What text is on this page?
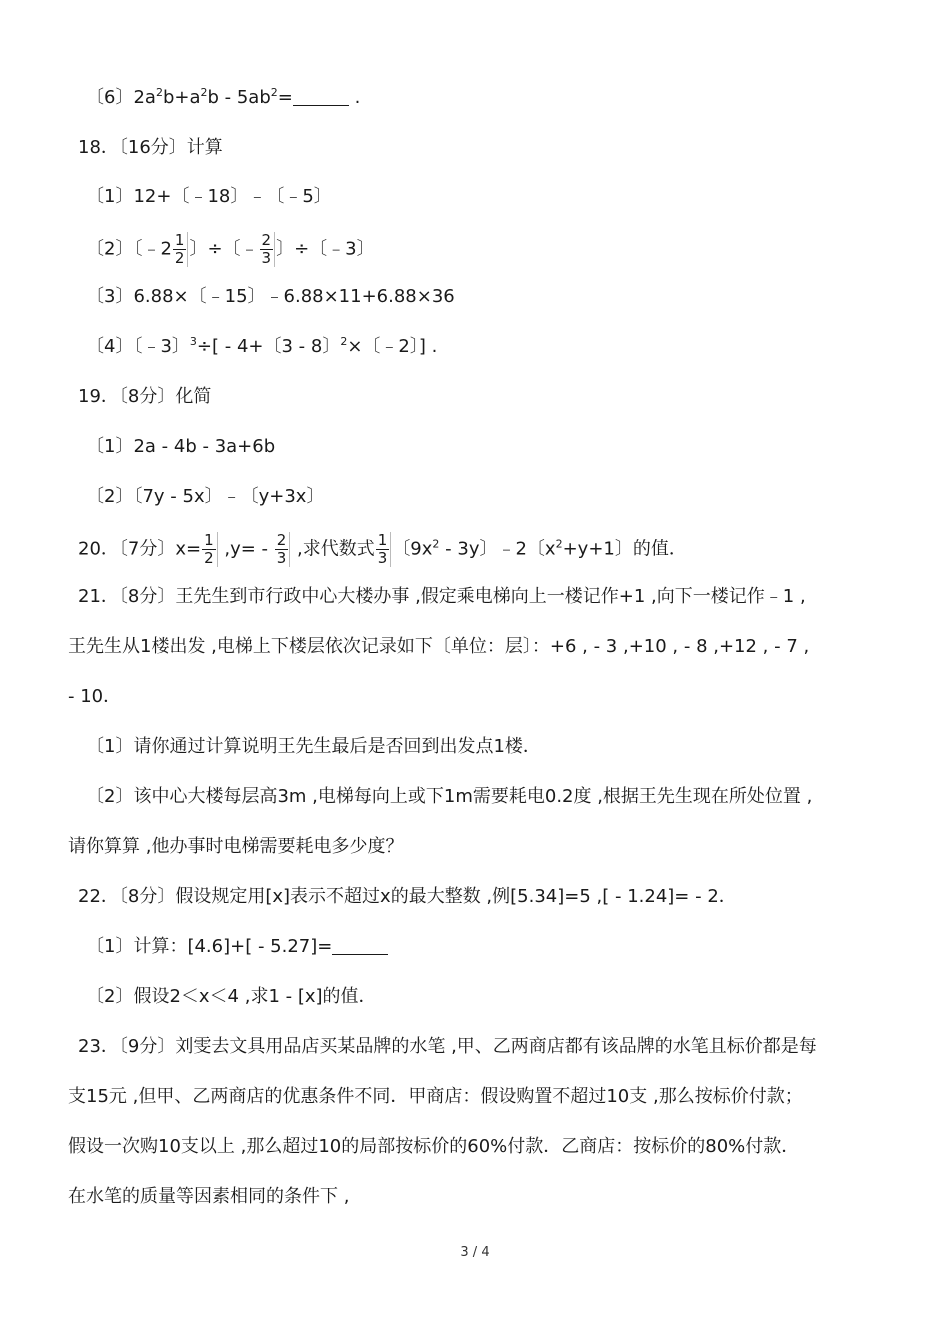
〔6〕$2a^2b+a^2b - 5ab^2=$	.
18．〔16分〕计算
〔1〕12+〔﹣18〕﹣〔﹣5〕
〔2〕〔﹣2 $\frac{1}{2}$ 〕÷〔﹣ $\frac{2}{3}$ 〕÷〔﹣3〕
〔3〕6.88×〔﹣15〕﹣6.88×11+6.88×36
〔4〕〔﹣3〕$^3$÷[ - 4+〔3 - 8〕$^2$×〔﹣2〕] .
19．〔8分〕化简
〔1〕2a - 4b - 3a+6b
〔2〕〔7y - 5x〕﹣〔y+3x〕
20．〔7分〕$x= \frac{1}{2} ,y= - \frac{2}{3}$ ,求代数式 $\frac{1}{3}$ 〔$9x^2 - 3y$〕﹣2〔$x^2+y+1$〕的值．
21．〔8分〕王先生到市行政中心大楼办事 ,假定乘电梯向上一楼记作+1 ,向下一楼记作﹣1 ,
王先生从1楼出发 ,电梯上下楼层依次记录如下〔单位：层〕：+6 , - 3 ,+10 , - 8 ,+12 , - 7 ,
- 10．
〔1〕请你通过计算说明王先生最后是否回到出发点1楼．
〔2〕该中心大楼每层高3m ,电梯每向上或下1m需要耗电0.2度 ,根据王先生现在所处位置 ,
请你算算 ,他办事时电梯需要耗电多少度？
22．〔8分〕假设规定用[x]表示不超过x的最大整数 ,例[5.34]=5 ,[ - 1.24]= - 2．
〔1〕计算：[4.6]+[ - 5.27]=
〔2〕假设2＜x＜4 ,求1 - [x]的值．
23．〔9分〕刘雯去文具用品店买某品牌的水笔 ,甲、乙两商店都有该品牌的水笔且标价都是每
支15元 ,但甲、乙两商店的优惠条件不同．甲商店：假设购置不超过10支 ,那么按标价付款；
假设一次购10支以上 ,那么超过10的局部按标价的60%付款．乙商店：按标价的80%付款．
在水笔的质量等因素相同的条件下 ,
3 / 4
